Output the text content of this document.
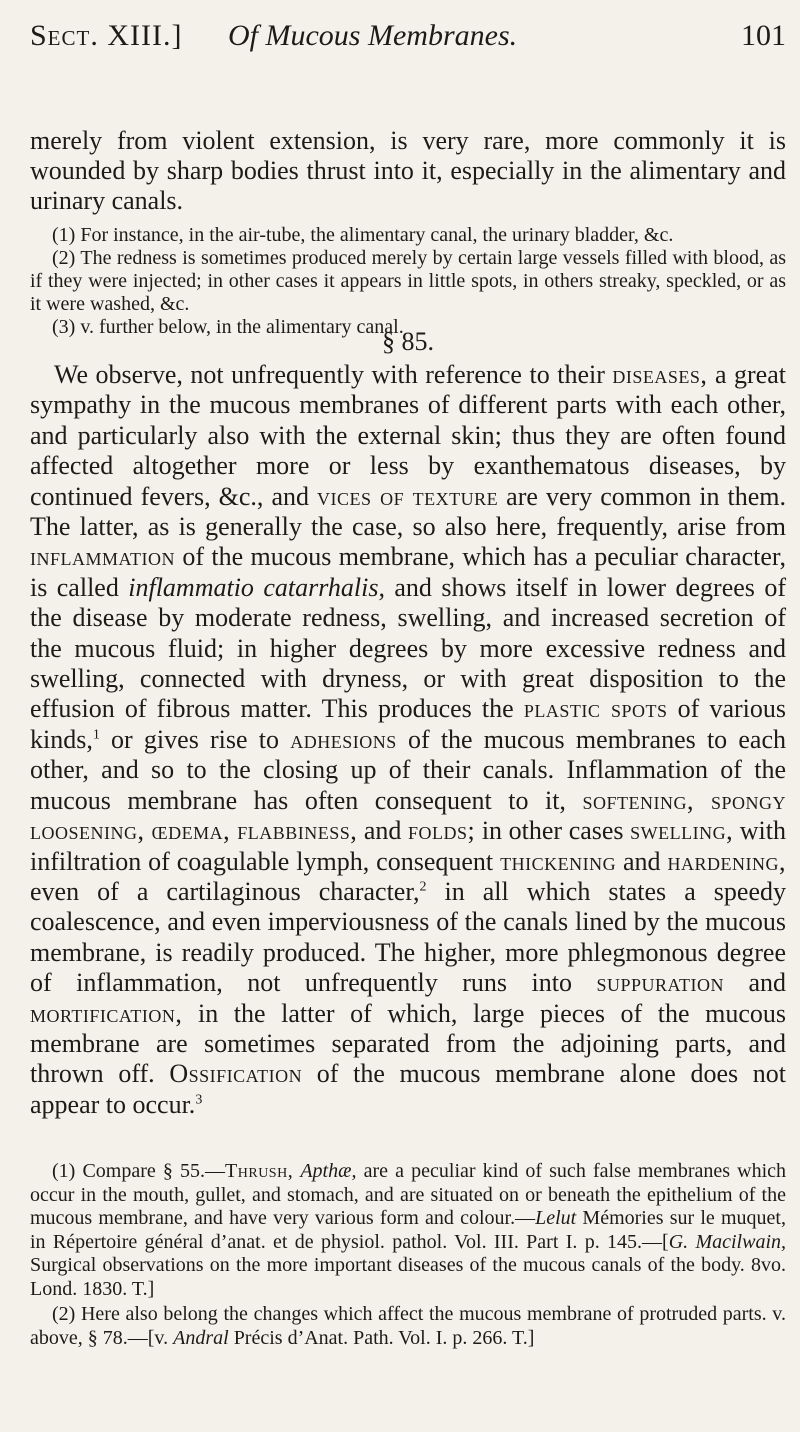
Sect. XIII.] Of Mucous Membranes.	101
merely from violent extension, is very rare, more commonly it is wounded by sharp bodies thrust into it, especially in the alimentary and urinary canals.

(1) For instance, in the air-tube, the alimentary canal, the urinary bladder, &c.

(2) The redness is sometimes produced merely by certain large vessels filled with blood, as if they were injected; in other cases it appears in little spots, in others streaky, speckled, or as it were washed, &c.

(3) v. further below, in the alimentary canal.

§ 85.

We observe, not unfrequently with reference to their diseases, a great sympathy in the mucous membranes of different parts with each other, and particularly also with the external skin; thus they are often found affected altogether more or less by exanthematous diseases, by continued fevers, &c., and vices of texture are very common in them. The latter, as is generally the case, so also here, frequently, arise from inflammation of the mucous membrane, which has a peculiar character, is called inflammatio catarrhalis, and shows itself in lower degrees of the disease by moderate redness, swelling, and increased secretion of the mucous fluid; in higher degrees by more excessive redness and swelling, connected with dryness, or with great disposition to the effusion of fibrous matter. This produces the plastic spots of various kinds,$^1$ or gives rise to adhesions of the mucous membranes to each other, and so to the closing up of their canals. Inflammation of the mucous membrane has often consequent to it, softening, spongy loosening, œdema, flabbiness, and folds; in other cases swelling, with infiltration of coagulable lymph, consequent thickening and hardening, even of a cartilaginous character,$^2$ in all which states a speedy coalescence, and even imperviousness of the canals lined by the mucous membrane, is readily produced. The higher, more phlegmonous degree of inflammation, not unfrequently runs into suppuration and mortification, in the latter of which, large pieces of the mucous membrane are sometimes separated from the adjoining parts, and thrown off. Ossification of the mucous membrane alone does not appear to occur.$^3$

(1) Compare § 55.—Thrush, Apthæ, are a peculiar kind of such false membranes which occur in the mouth, gullet, and stomach, and are situated on or beneath the epithelium of the mucous membrane, and have very various form and colour.—Lelut Mémories sur le muquet, in Répertoire général d’anat. et de physiol. pathol. Vol. III. Part I. p. 145.—[G. Macilwain, Surgical observations on the more important diseases of the mucous canals of the body. 8vo. Lond. 1830. T.]

(2) Here also belong the changes which affect the mucous membrane of protruded parts. v. above, § 78.—[v. Andral Précis d’Anat. Path. Vol. I. p. 266. T.]
